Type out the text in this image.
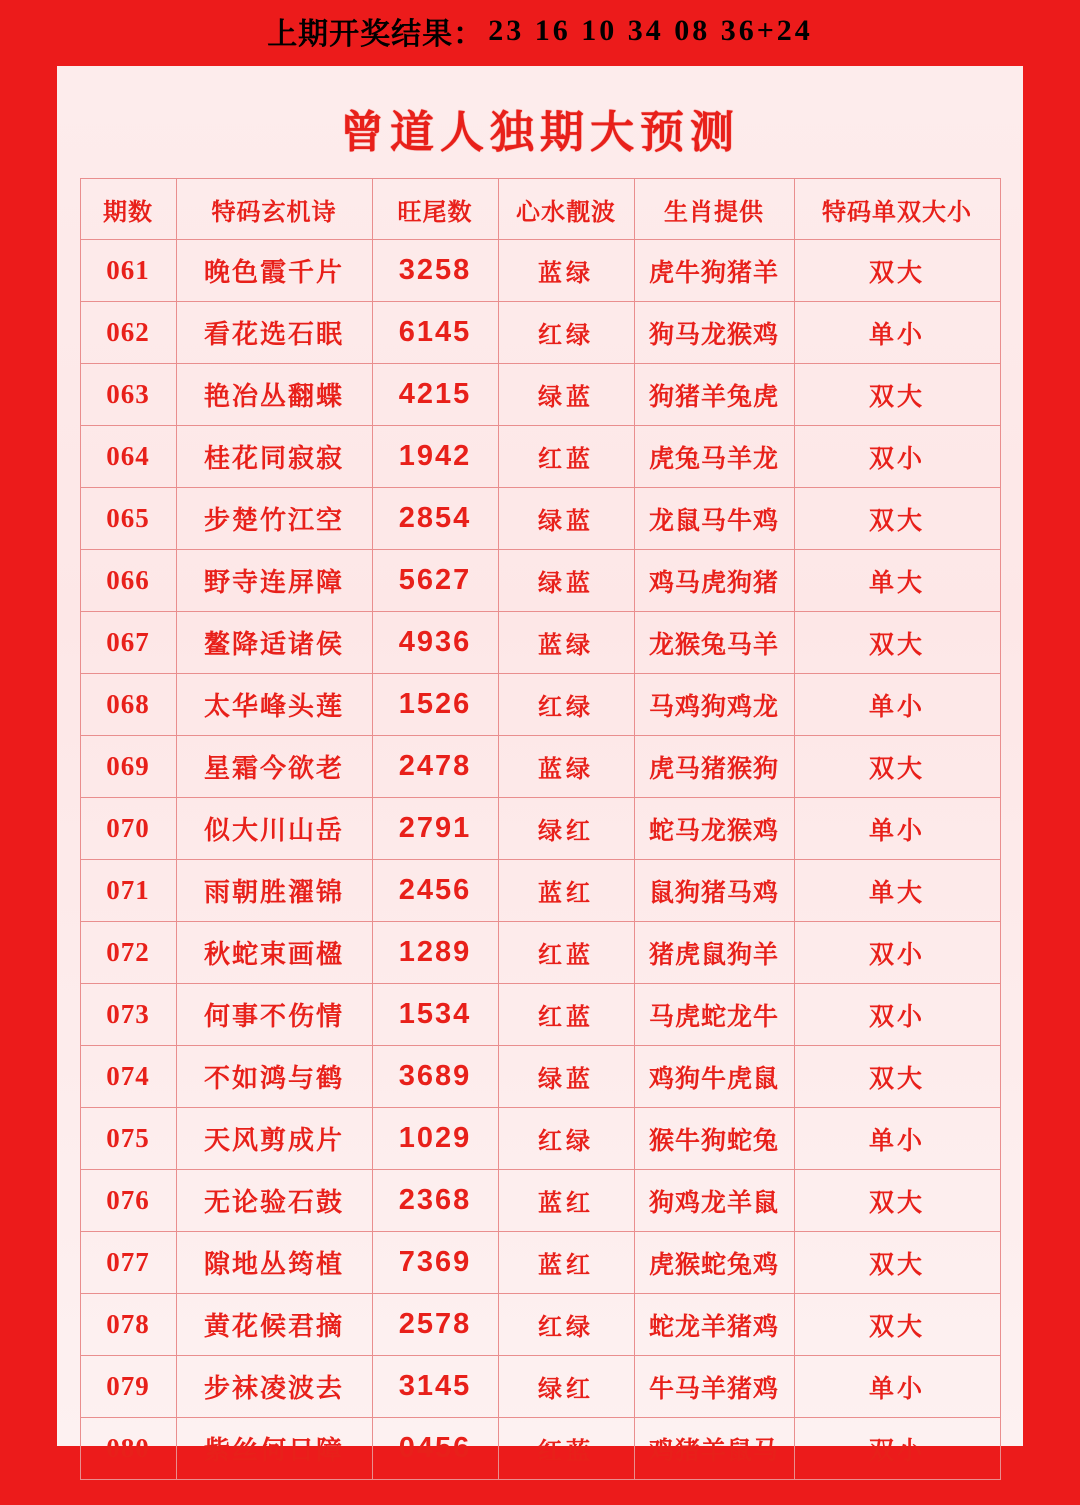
上期开奖结果： 23 16 10 34 08 36+24
曾道人独期大预测
期数	特码玄机诗	旺尾数	心水靓波	生肖提供	特码单双大小
061	晚色霞千片	3258	蓝绿	虎牛狗猪羊	双大
062	看花选石眠	6145	红绿	狗马龙猴鸡	单小
063	艳冶丛翻蝶	4215	绿蓝	狗猪羊兔虎	双大
064	桂花同寂寂	1942	红蓝	虎兔马羊龙	双小
065	步楚竹江空	2854	绿蓝	龙鼠马牛鸡	双大
066	野寺连屏障	5627	绿蓝	鸡马虎狗猪	单大
067	鳌降适诸侯	4936	蓝绿	龙猴兔马羊	双大
068	太华峰头莲	1526	红绿	马鸡狗鸡龙	单小
069	星霜今欲老	2478	蓝绿	虎马猪猴狗	双大
070	似大川山岳	2791	绿红	蛇马龙猴鸡	单小
071	雨朝胜濯锦	2456	蓝红	鼠狗猪马鸡	单大
072	秋蛇束画楹	1289	红蓝	猪虎鼠狗羊	双小
073	何事不伤情	1534	红蓝	马虎蛇龙牛	双小
074	不如鸿与鹤	3689	绿蓝	鸡狗牛虎鼠	双大
075	天风剪成片	1029	红绿	猴牛狗蛇兔	单小
076	无论验石鼓	2368	蓝红	狗鸡龙羊鼠	双大
077	隙地丛筠植	7369	蓝红	虎猴蛇兔鸡	双大
078	黄花候君摘	2578	红绿	蛇龙羊猪鸡	双大
079	步袜凌波去	3145	绿红	牛马羊猪鸡	单小
080	紫丝何日障	0456	红蓝	鸡猪羊鼠马	双小
